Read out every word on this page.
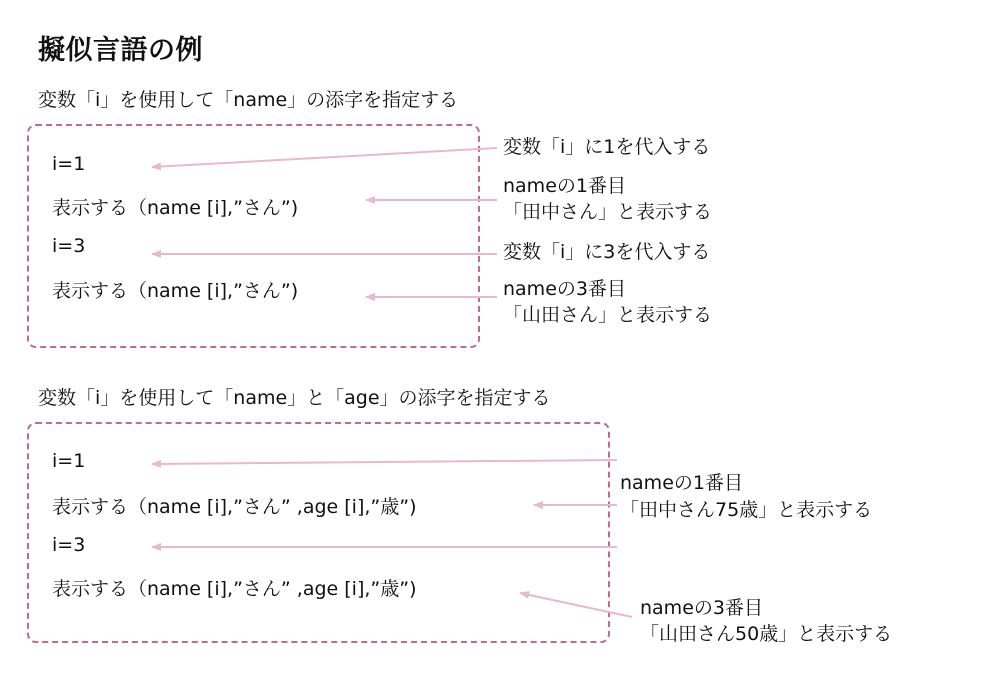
擬似言語の例
変数「i」を使用して「name」の添字を指定する
i=1
表示する（name [i],”さん”)
i=3
表示する（name [i],”さん”)
変数「i」に1を代入する
nameの1番目
「田中さん」と表示する
変数「i」に3を代入する
nameの3番目
「山田さん」と表示する
変数「i」を使用して「name」と「age」の添字を指定する
i=1
表示する（name [i],”さん” ,age [i],”歳”)
i=3
表示する（name [i],”さん” ,age [i],”歳”)
nameの1番目
「田中さん75歳」と表示する
nameの3番目
「山田さん50歳」と表示する
